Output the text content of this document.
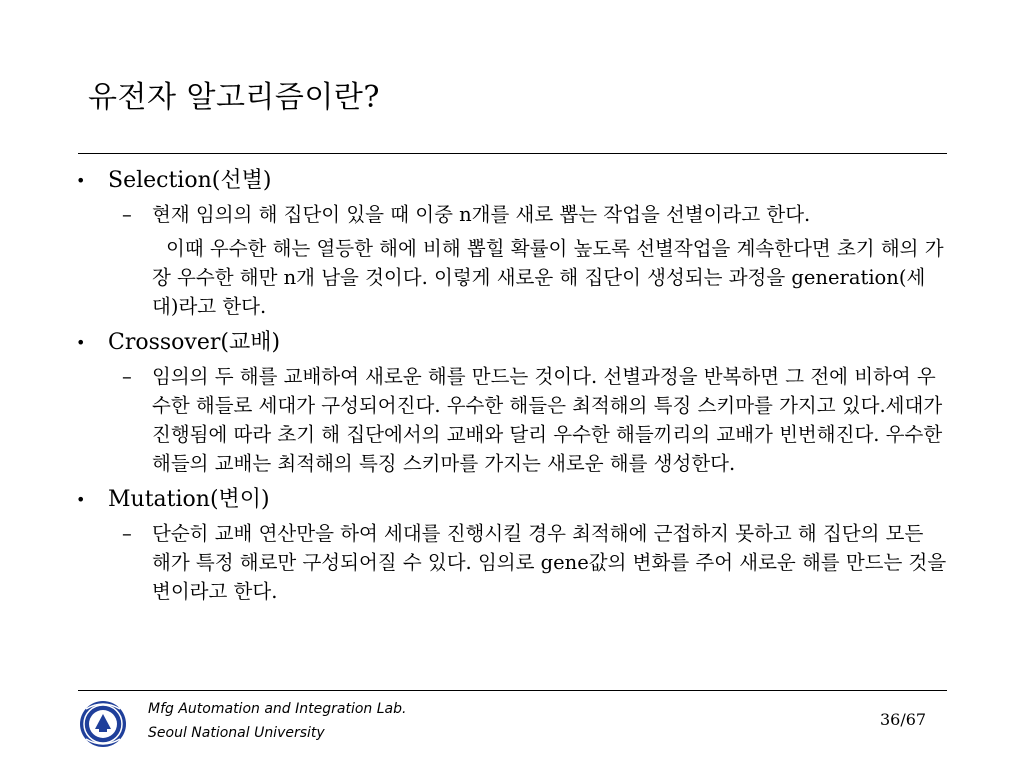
유전자 알고리즘이란?
• Selection(선별)
– 현재 임의의 해 집단이 있을 때 이중 n개를 새로 뽑는 작업을 선별이라고 한다.

이때 우수한 해는 열등한 해에 비해 뽑힐 확률이 높도록 선별작업을 계속한다면 초기 해의 가장 우수한 해만 n개 남을 것이다. 이렇게 새로운 해 집단이 생성되는 과정을 generation(세대)라고 한다.

• Crossover(교배)
– 임의의 두 해를 교배하여 새로운 해를 만드는 것이다. 선별과정을 반복하면 그 전에 비하여 우수한 해들로 세대가 구성되어진다. 우수한 해들은 최적해의 특징 스키마를 가지고 있다.세대가 진행됨에 따라 초기 해 집단에서의 교배와 달리 우수한 해들끼리의 교배가 빈번해진다. 우수한 해들의 교배는 최적해의 특징 스키마를 가지는 새로운 해를 생성한다.

• Mutation(변이)
– 단순히 교배 연산만을 하여 세대를 진행시킬 경우 최적해에 근접하지 못하고 해 집단의 모든 해가 특정 해로만 구성되어질 수 있다. 임의로 gene값의 변화를 주어 새로운 해를 만드는 것을 변이라고 한다.

Mfg Automation and Integration Lab.
Seoul National University
36/67
